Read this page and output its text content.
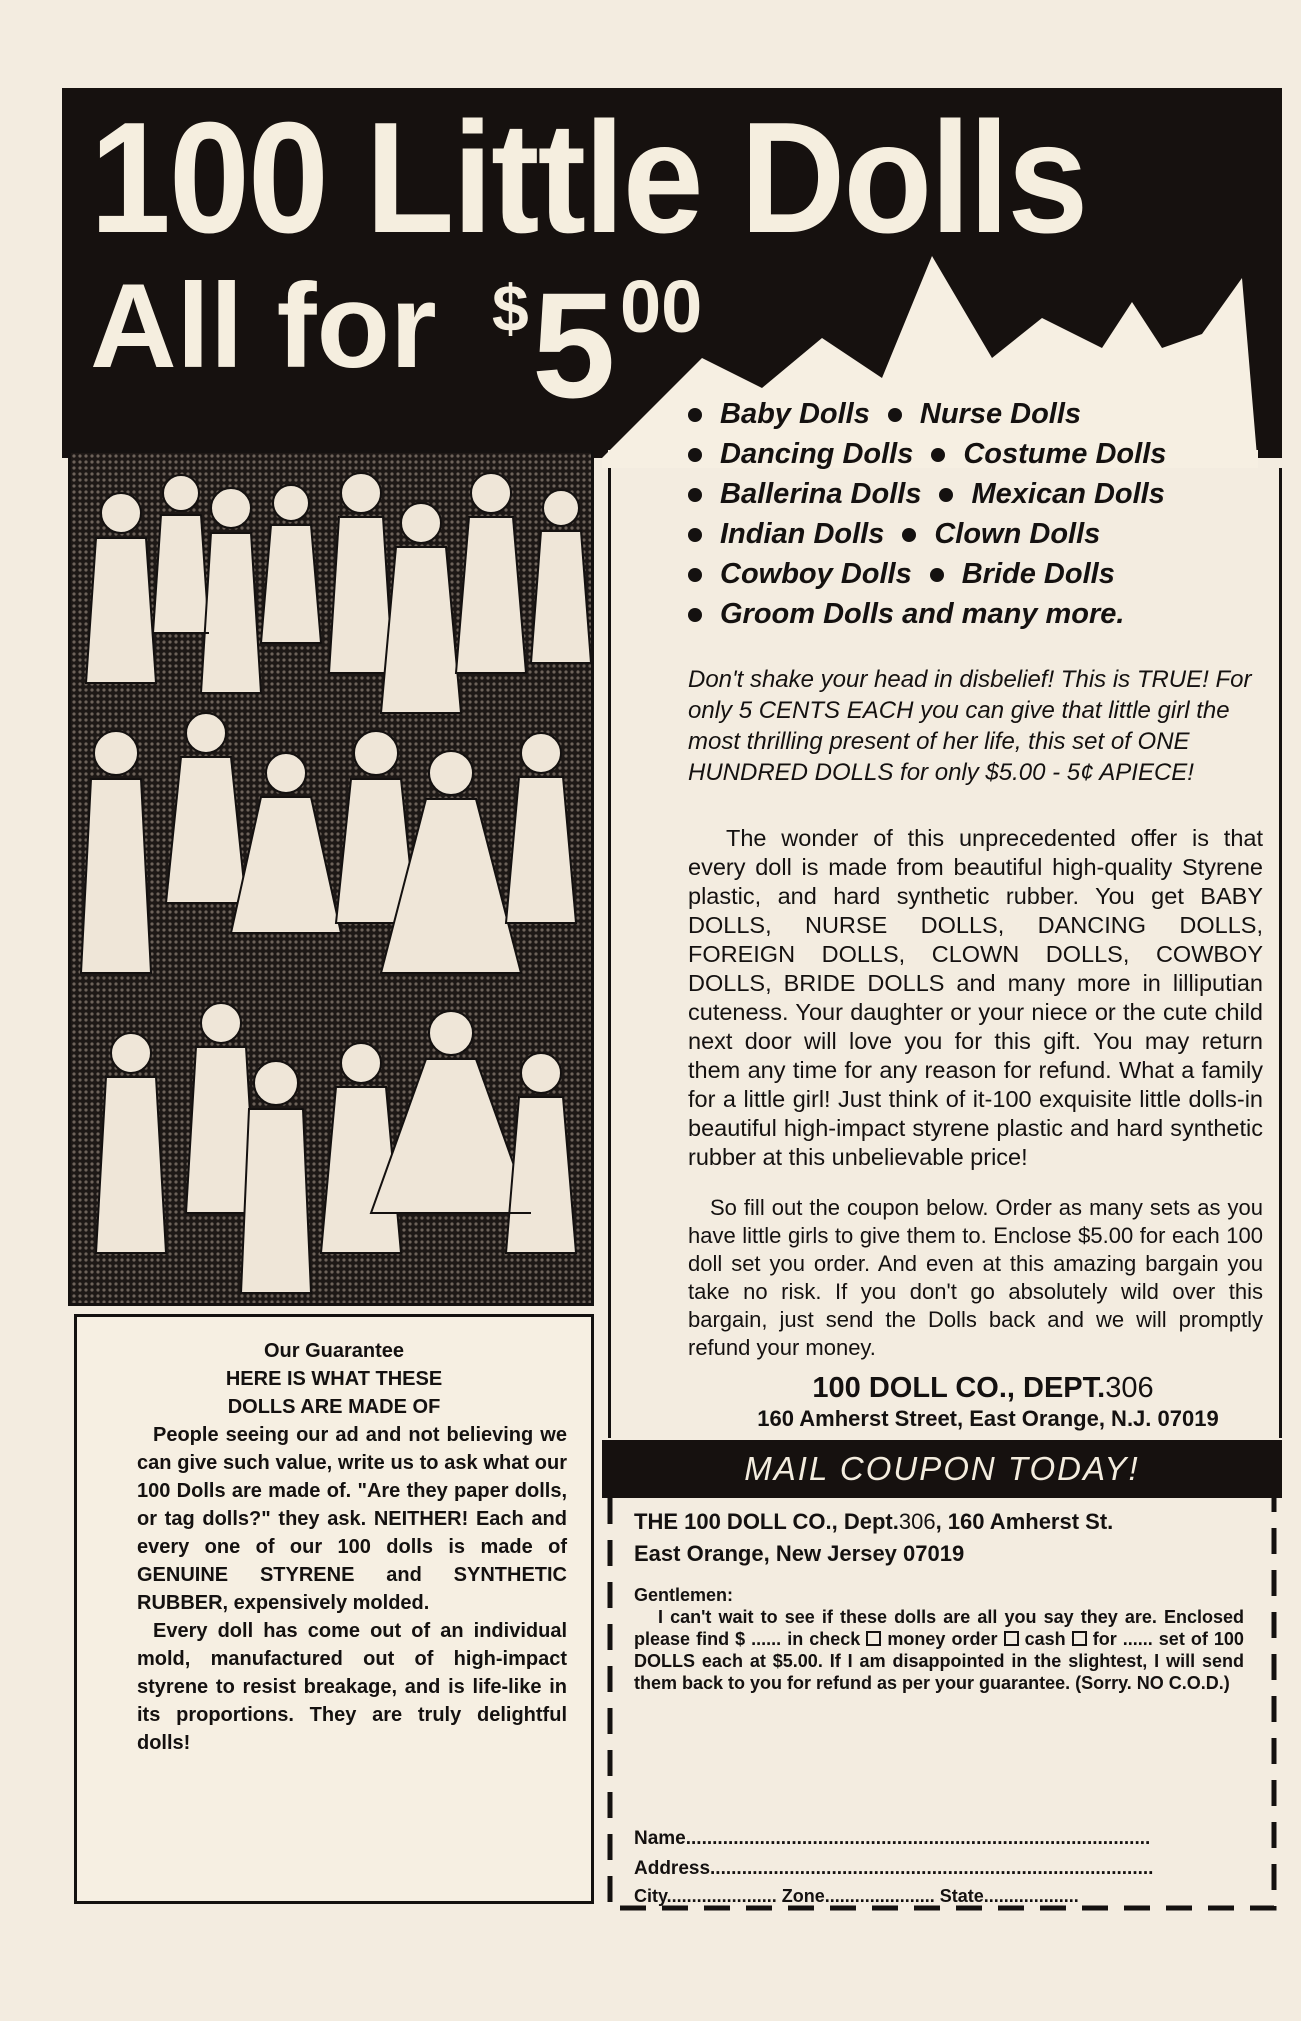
100 Little Dolls
All for $ 5 00
Our Guarantee
HERE IS WHAT THESE
DOLLS ARE MADE OF

People seeing our ad and not believing we can give such value, write us to ask what our 100 Dolls are made of. "Are they paper dolls, or tag dolls?" they ask. NEITHER! Each and every one of our 100 dolls is made of GENUINE STYRENE and SYNTHETIC RUBBER, expensively molded.

Every doll has come out of an individual mold, manufactured out of high-impact styrene to resist breakage, and is life-like in its proportions. They are truly delightful dolls!

Baby Dolls Nurse Dolls
Dancing Dolls Costume Dolls
Ballerina Dolls Mexican Dolls
Indian Dolls Clown Dolls
Cowboy Dolls Bride Dolls
Groom Dolls and many more.

Don't shake your head in disbelief! This is TRUE! For only 5 CENTS EACH you can give that little girl the most thrilling present of her life, this set of ONE HUNDRED DOLLS for only $5.00 - 5¢ APIECE!

The wonder of this unprecedented offer is that every doll is made from beautiful high-quality Styrene plastic, and hard synthetic rubber. You get BABY DOLLS, NURSE DOLLS, DANCING DOLLS, FOREIGN DOLLS, CLOWN DOLLS, COWBOY DOLLS, BRIDE DOLLS and many more in lilliputian cuteness. Your daughter or your niece or the cute child next door will love you for this gift. You may return them any time for any reason for refund. What a family for a little girl! Just think of it-100 exquisite little dolls-in beautiful high-impact styrene plastic and hard synthetic rubber at this unbelievable price!

So fill out the coupon below. Order as many sets as you have little girls to give them to. Enclose $5.00 for each 100 doll set you order. And even at this amazing bargain you take no risk. If you don't go absolutely wild over this bargain, just send the Dolls back and we will promptly refund your money.

100 DOLL CO., DEPT.306
160 Amherst Street, East Orange, N.J. 07019
MAIL COUPON TODAY!
THE 100 DOLL CO., Dept.306, 160 Amherst St.
East Orange, New Jersey 07019

Gentlemen:
I can't wait to see if these dolls are all you say they are. Enclosed please find $ ...... in check money order cash for ...... set of 100 DOLLS each at $5.00. If I am disappointed in the slightest, I will send them back to you for refund as per your guarantee. (Sorry. NO C.O.D.)

Name........................................................................................
Address....................................................................................
City...................... Zone...................... State...................
